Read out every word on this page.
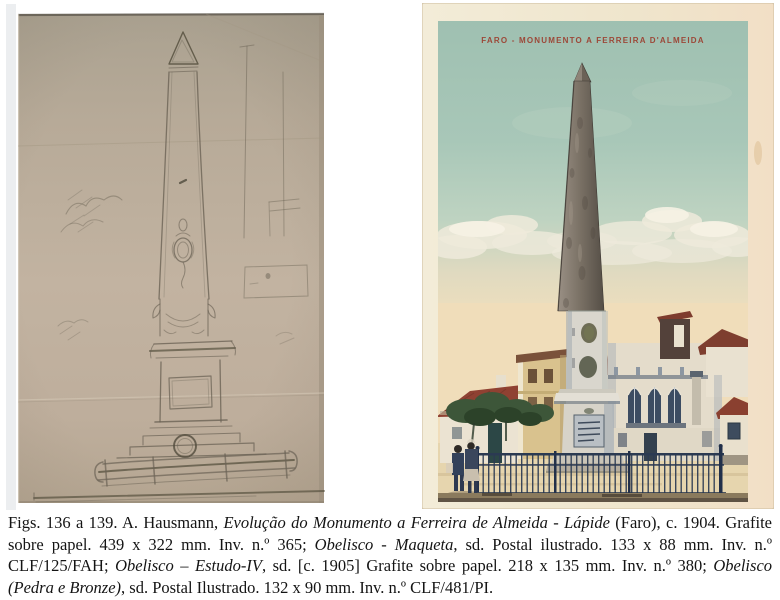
FARO - MONUMENTO A FERREIRA D'ALMEIDA

Figs. 136 a 139. A. Hausmann, Evolução do Monumento a Ferreira de Almeida - Lápide (Faro), c. 1904. Grafite sobre papel. 439 x 322 mm. Inv. n.º 365; Obelisco - Maqueta, sd. Postal ilustrado. 133 x 88 mm. Inv. n.º CLF/125/FAH; Obelisco – Estudo-IV, sd. [c. 1905] Grafite sobre papel. 218 x 135 mm. Inv. n.º 380; Obelisco (Pedra e Bronze), sd. Postal Ilustrado. 132 x 90 mm. Inv. n.º CLF/481/PI.
